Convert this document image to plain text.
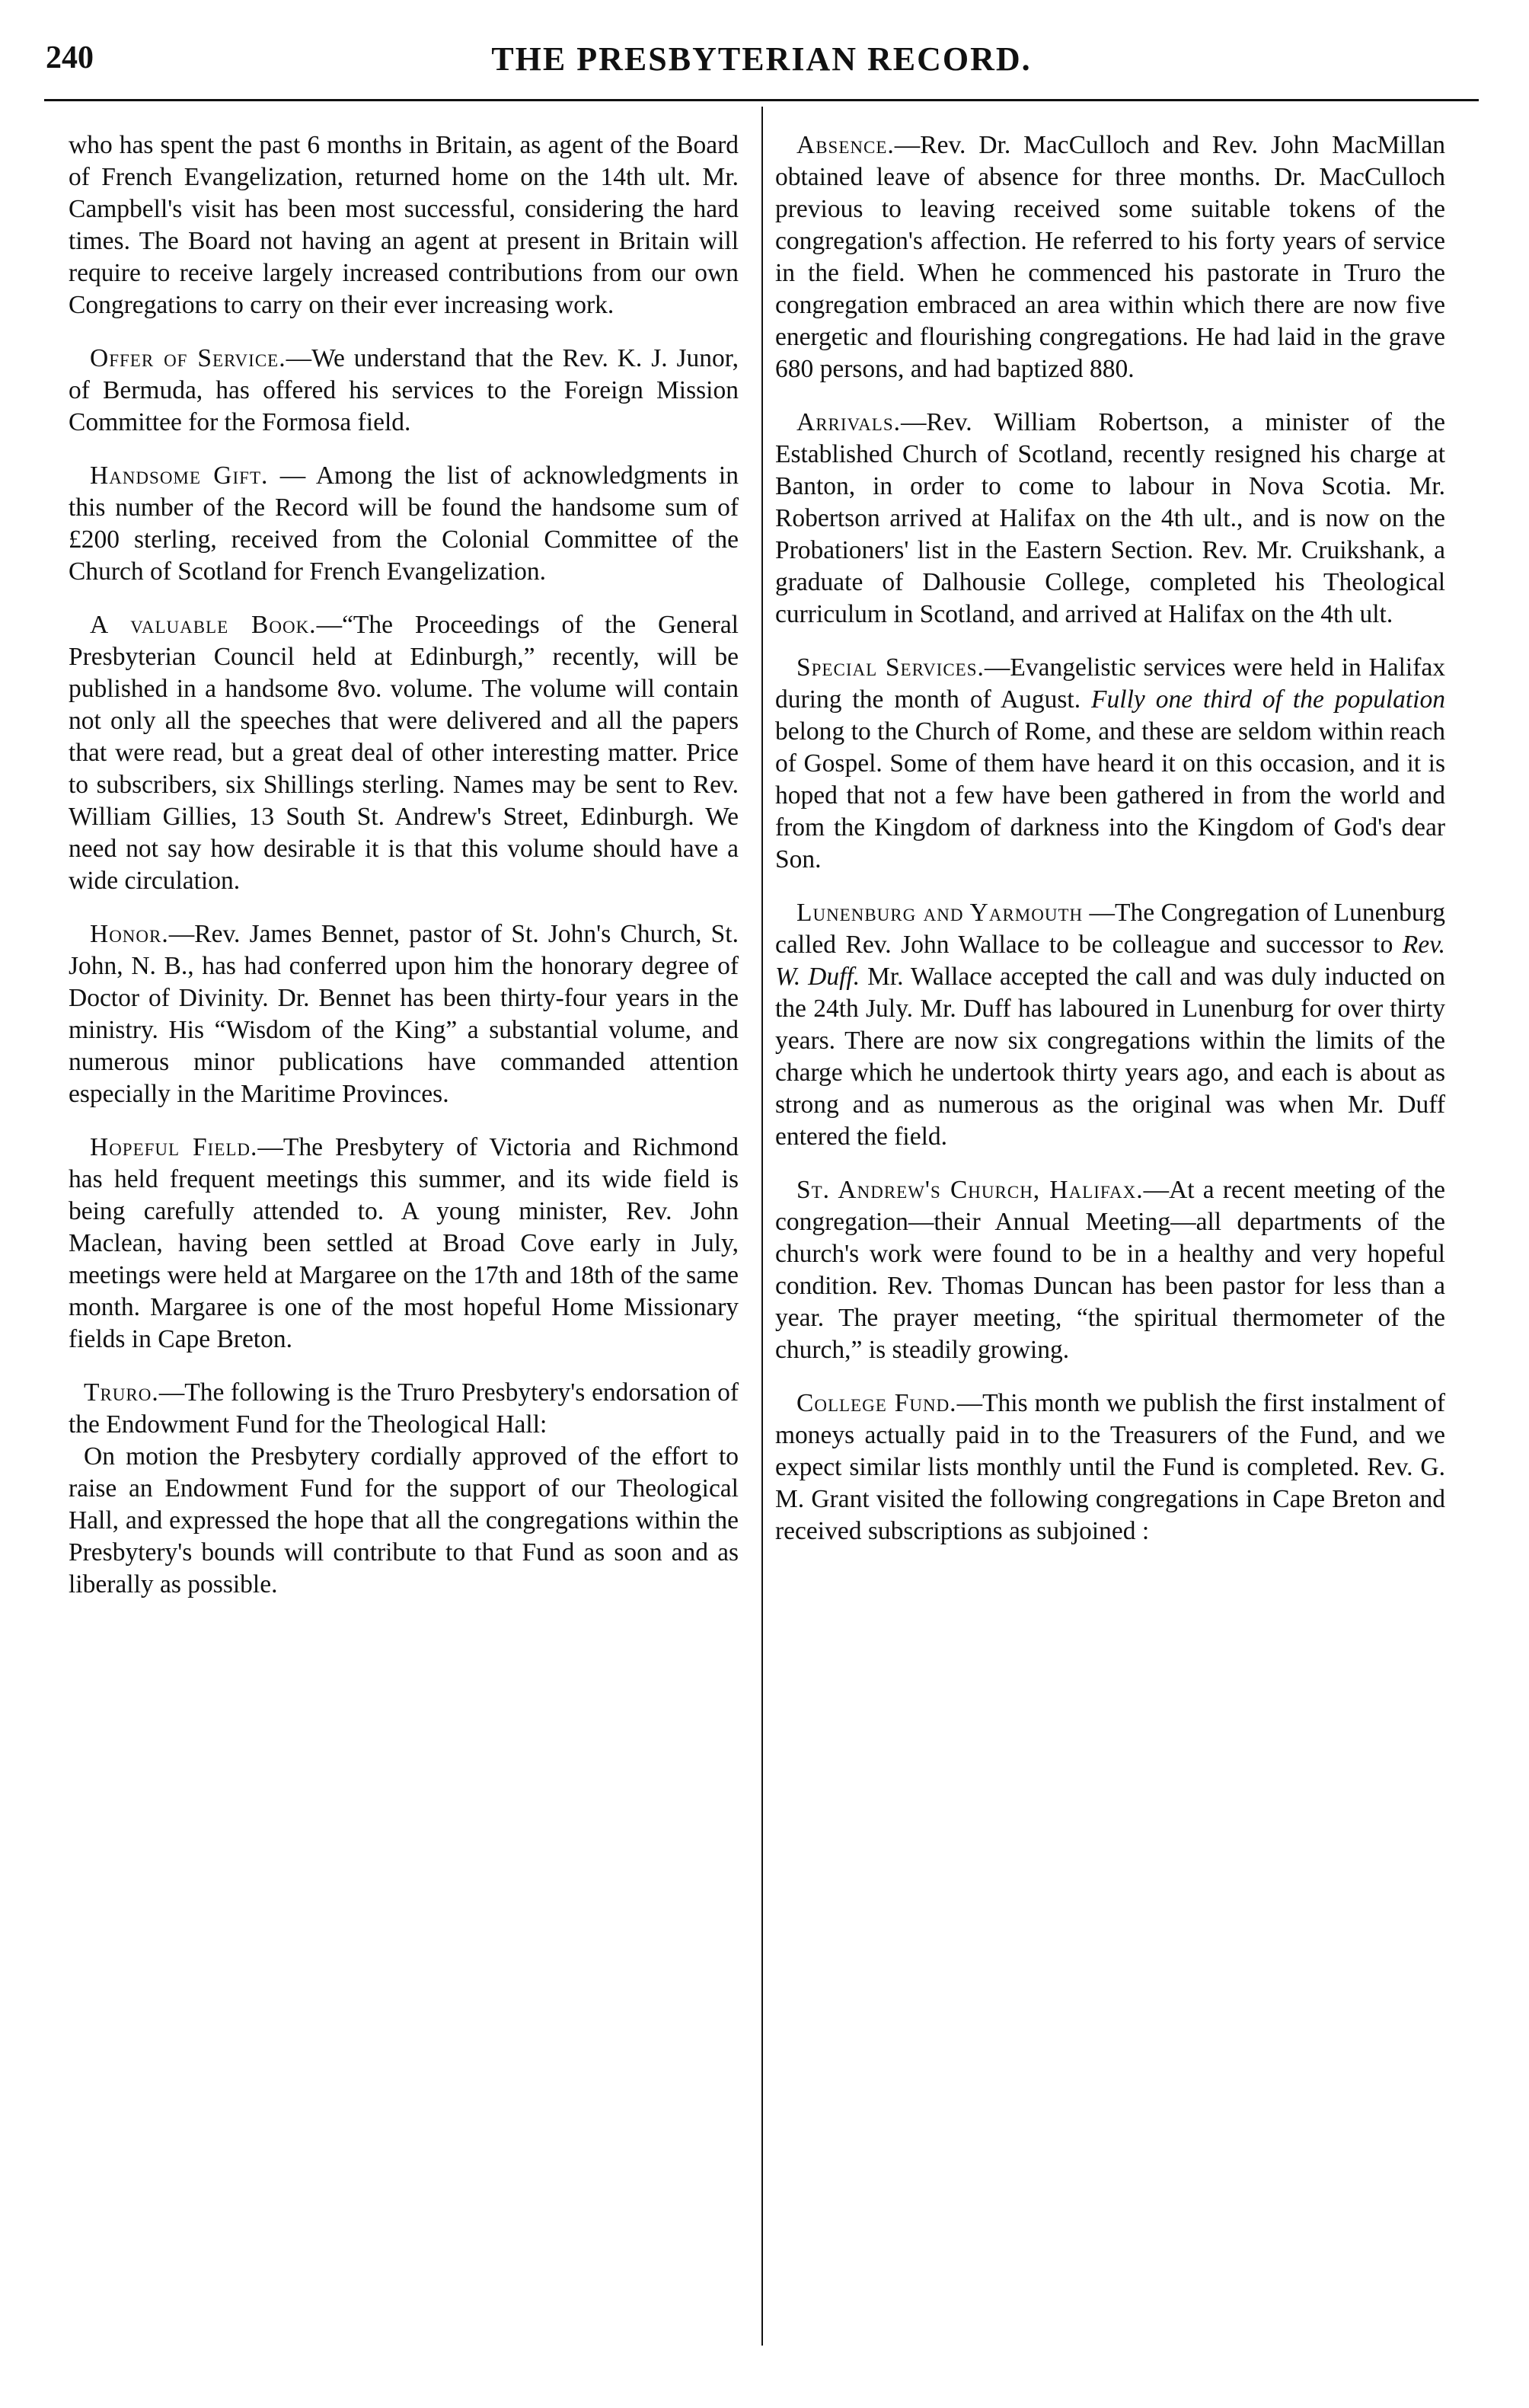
240	THE PRESBYTERIAN RECORD.

who has spent the past 6 months in Britain, as agent of the Board of French Evangelization, returned home on the 14th ult. Mr. Campbell's visit has been most successful, considering the hard times. The Board not having an agent at present in Britain will require to receive largely increased contributions from our own Congregations to carry on their ever increasing work.

Offer of Service.—We understand that the Rev. K. J. Junor, of Bermuda, has offered his services to the Foreign Mission Committee for the Formosa field.

Handsome Gift. — Among the list of acknowledgments in this number of the Record will be found the handsome sum of £200 sterling, received from the Colonial Committee of the Church of Scotland for French Evangelization.

A valuable Book.—“The Proceedings of the General Presbyterian Council held at Edinburgh,” recently, will be published in a handsome 8vo. volume. The volume will contain not only all the speeches that were delivered and all the papers that were read, but a great deal of other interesting matter. Price to subscribers, six Shillings sterling. Names may be sent to Rev. William Gillies, 13 South St. Andrew's Street, Edinburgh. We need not say how desirable it is that this volume should have a wide circulation.

Honor.—Rev. James Bennet, pastor of St. John's Church, St. John, N. B., has had conferred upon him the honorary degree of Doctor of Divinity. Dr. Bennet has been thirty-four years in the ministry. His “Wisdom of the King” a substantial volume, and numerous minor publications have commanded attention especially in the Maritime Provinces.

Hopeful Field.—The Presbytery of Victoria and Richmond has held frequent meetings this summer, and its wide field is being carefully attended to. A young minister, Rev. John Maclean, having been settled at Broad Cove early in July, meetings were held at Margaree on the 17th and 18th of the same month. Margaree is one of the most hopeful Home Missionary fields in Cape Breton.

Truro.—The following is the Truro Presbytery's endorsation of the Endowment Fund for the Theological Hall:

On motion the Presbytery cordially approved of the effort to raise an Endowment Fund for the support of our Theological Hall, and expressed the hope that all the congregations within the Presbytery's bounds will contribute to that Fund as soon and as liberally as possible.

Absence.—Rev. Dr. MacCulloch and Rev. John MacMillan obtained leave of absence for three months. Dr. MacCulloch previous to leaving received some suitable tokens of the congregation's affection. He referred to his forty years of service in the field. When he commenced his pastorate in Truro the congregation embraced an area within which there are now five energetic and flourishing congregations. He had laid in the grave 680 persons, and had baptized 880.

Arrivals.—Rev. William Robertson, a minister of the Established Church of Scotland, recently resigned his charge at Banton, in order to come to labour in Nova Scotia. Mr. Robertson arrived at Halifax on the 4th ult., and is now on the Probationers' list in the Eastern Section. Rev. Mr. Cruikshank, a graduate of Dalhousie College, completed his Theological curriculum in Scotland, and arrived at Halifax on the 4th ult.

Special Services.—Evangelistic services were held in Halifax during the month of August. Fully one third of the population belong to the Church of Rome, and these are seldom within reach of Gospel. Some of them have heard it on this occasion, and it is hoped that not a few have been gathered in from the world and from the Kingdom of darkness into the Kingdom of God's dear Son.

Lunenburg and Yarmouth —The Congregation of Lunenburg called Rev. John Wallace to be colleague and successor to Rev. W. Duff. Mr. Wallace accepted the call and was duly inducted on the 24th July. Mr. Duff has laboured in Lunenburg for over thirty years. There are now six congregations within the limits of the charge which he undertook thirty years ago, and each is about as strong and as numerous as the original was when Mr. Duff entered the field.

St. Andrew's Church, Halifax.—At a recent meeting of the congregation—their Annual Meeting—all departments of the church's work were found to be in a healthy and very hopeful condition. Rev. Thomas Duncan has been pastor for less than a year. The prayer meeting, “the spiritual thermometer of the church,” is steadily growing.

College Fund.—This month we publish the first instalment of moneys actually paid in to the Treasurers of the Fund, and we expect similar lists monthly until the Fund is completed. Rev. G. M. Grant visited the following congregations in Cape Breton and received subscriptions as subjoined :
